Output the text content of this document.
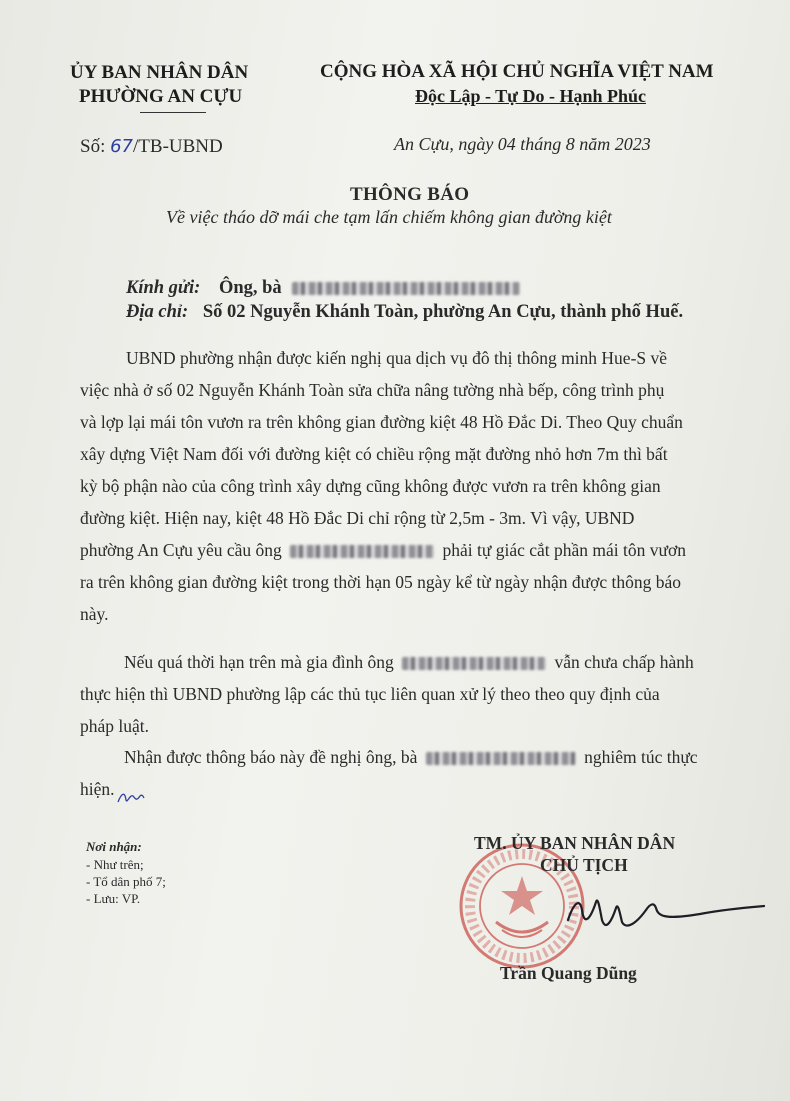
ỦY BAN NHÂN DÂN
PHƯỜNG AN CỰU
CỘNG HÒA XÃ HỘI CHỦ NGHĨA VIỆT NAM
Độc Lập - Tự Do - Hạnh Phúc
Số: 67/TB-UBND	An Cựu, ngày 04 tháng 8 năm 2023
THÔNG BÁO
Về việc tháo dỡ mái che tạm lấn chiếm không gian đường kiệt
Kính gửi: Ông, bà
Địa chỉ: Số 02 Nguyễn Khánh Toàn, phường An Cựu, thành phố Huế.
UBND phường nhận được kiến nghị qua dịch vụ đô thị thông minh Hue-S về
việc nhà ở số 02 Nguyễn Khánh Toàn sửa chữa nâng tường nhà bếp, công trình phụ
và lợp lại mái tôn vươn ra trên không gian đường kiệt 48 Hồ Đắc Di. Theo Quy chuẩn
xây dựng Việt Nam đối với đường kiệt có chiều rộng mặt đường nhỏ hơn 7m thì bất
kỳ bộ phận nào của công trình xây dựng cũng không được vươn ra trên không gian
đường kiệt. Hiện nay, kiệt 48 Hồ Đắc Di chỉ rộng từ 2,5m - 3m. Vì vậy, UBND
phường An Cựu yêu cầu ông	phải tự giác cắt phần mái tôn vươn
ra trên không gian đường kiệt trong thời hạn 05 ngày kể từ ngày nhận được thông báo
này.
Nếu quá thời hạn trên mà gia đình ông	vẫn chưa chấp hành
thực hiện thì UBND phường lập các thủ tục liên quan xử lý theo theo quy định của
pháp luật.
Nhận được thông báo này đề nghị ông, bà	nghiêm túc thực
hiện.
Nơi nhận:
- Như trên;
- Tổ dân phố 7;
- Lưu: VP.
TM. ỦY BAN NHÂN DÂN
CHỦ TỊCH
Trần Quang Dũng
